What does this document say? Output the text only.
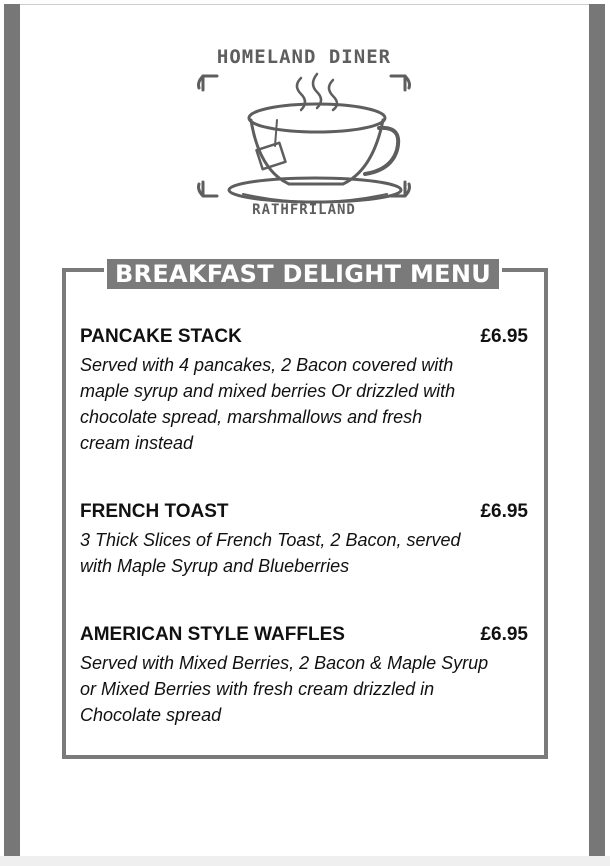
HOMELAND DINER
RATHFRILAND
BREAKFAST DELIGHT MENU
PANCAKE STACK	£6.95
Served with 4 pancakes, 2 Bacon covered with
maple syrup and mixed berries Or drizzled with
chocolate spread, marshmallows and fresh
cream instead
FRENCH TOAST	£6.95
3 Thick Slices of French Toast, 2 Bacon, served
with Maple Syrup and Blueberries
AMERICAN STYLE WAFFLES	£6.95
Served with Mixed Berries, 2 Bacon & Maple Syrup
or Mixed Berries with fresh cream drizzled in
Chocolate spread
